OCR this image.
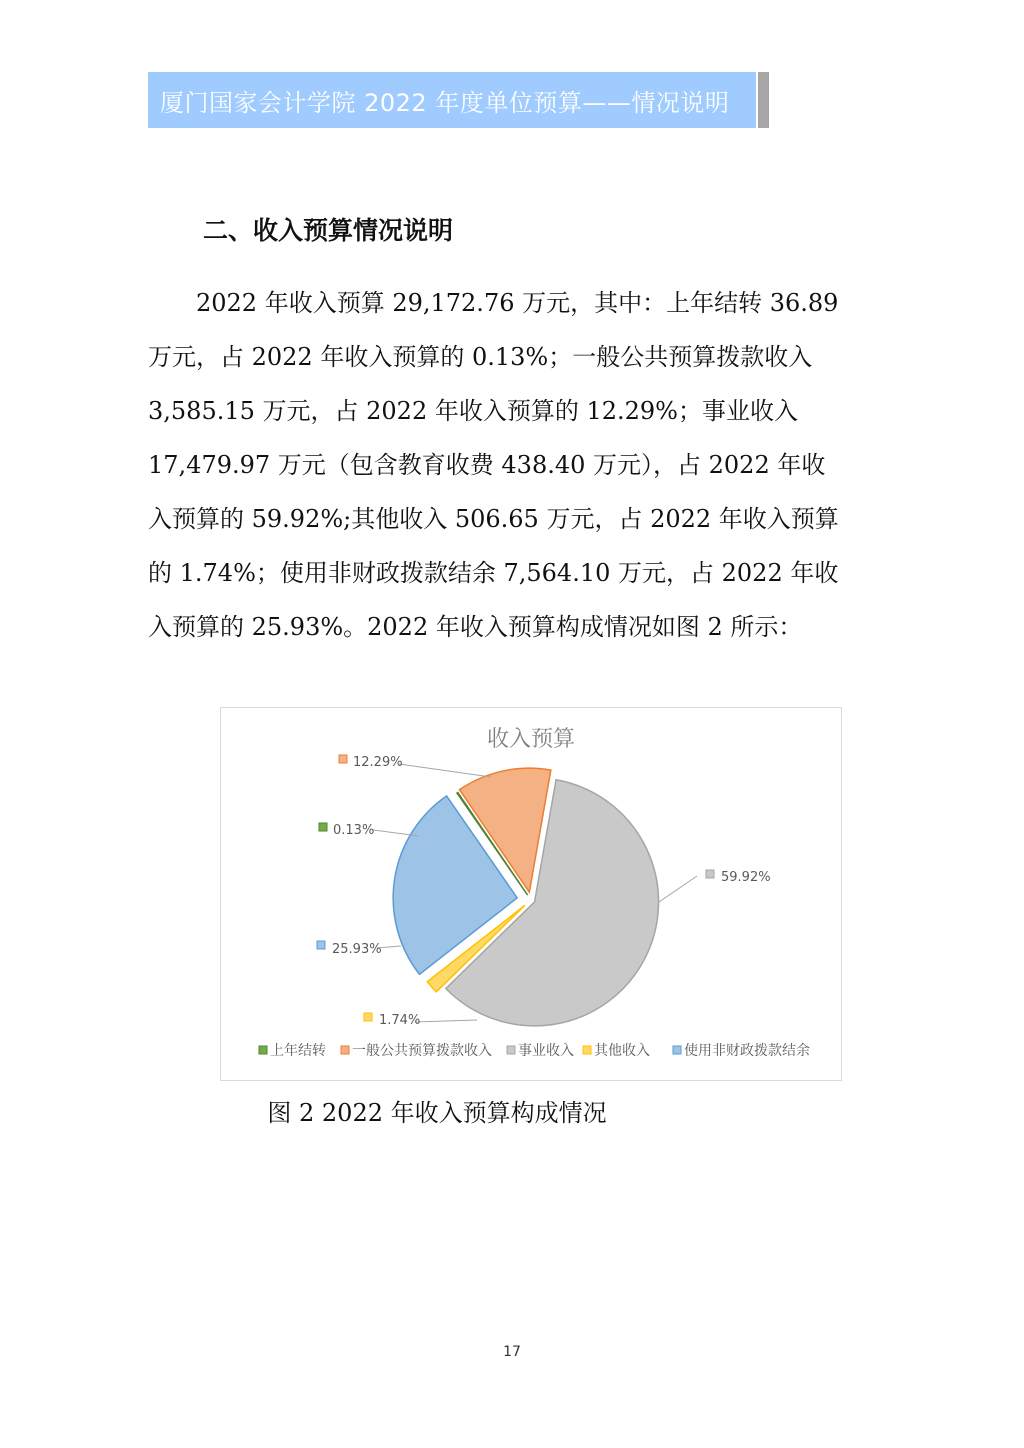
厦门国家会计学院 2022 年度单位预算——情况说明
二、收入预算情况说明
　　2022 年收入预算 29,172.76 万元，其中：上年结转 36.89
万元，占 2022 年收入预算的 0.13%；一般公共预算拨款收入
3,585.15 万元，占 2022 年收入预算的 12.29%；事业收入
17,479.97 万元（包含教育收费 438.40 万元），占 2022 年收
入预算的 59.92%;其他收入 506.65 万元，占 2022 年收入预算
的 1.74%；使用非财政拨款结余 7,564.10 万元，占 2022 年收
入预算的 25.93%。2022 年收入预算构成情况如图 2 所示：
收入预算
0.13%
12.29%
59.92%
1.74%
25.93%
上年结转 一般公共预算拨款收入 事业收入 其他收入 使用非财政拨款结余
图 2 2022 年收入预算构成情况
17
